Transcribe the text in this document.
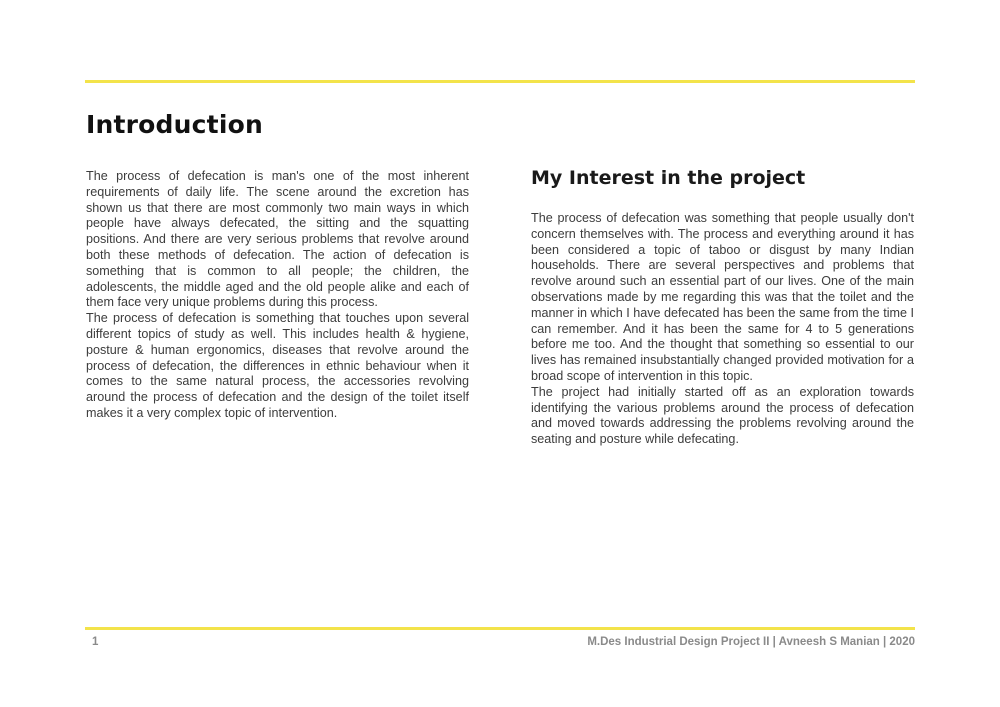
Introduction

The process of defecation is man's one of the most inherent requirements of daily life. The scene around the excretion has shown us that there are most commonly two main ways in which people have always defecated, the sitting and the squatting positions. And there are very serious problems that revolve around both these methods of defecation. The action of defecation is something that is common to all people; the children, the adolescents, the middle aged and the old people alike and each of them face very unique problems during this process.

The process of defecation is something that touches upon several different topics of study as well. This includes health & hygiene, posture & human ergonomics, diseases that revolve around the process of defecation, the differences in ethnic behaviour when it comes to the same natural process, the accessories revolving around the process of defecation and the design of the toilet itself makes it a very complex topic of intervention.

My Interest in the project

The process of defecation was something that people usually don't concern themselves with. The process and everything around it has been considered a topic of taboo or disgust by many Indian households. There are several perspectives and problems that revolve around such an essential part of our lives. One of the main observations made by me regarding this was that the toilet and the manner in which I have defecated has been the same from the time I can remember. And it has been the same for 4 to 5 generations before me too. And the thought that something so essential to our lives has remained insubstantially changed provided motivation for a broad scope of intervention in this topic.

The project had initially started off as an exploration towards identifying the various problems around the process of defecation and moved towards addressing the problems revolving around the seating and posture while defecating.

1	M.Des Industrial Design Project II | Avneesh S Manian | 2020
